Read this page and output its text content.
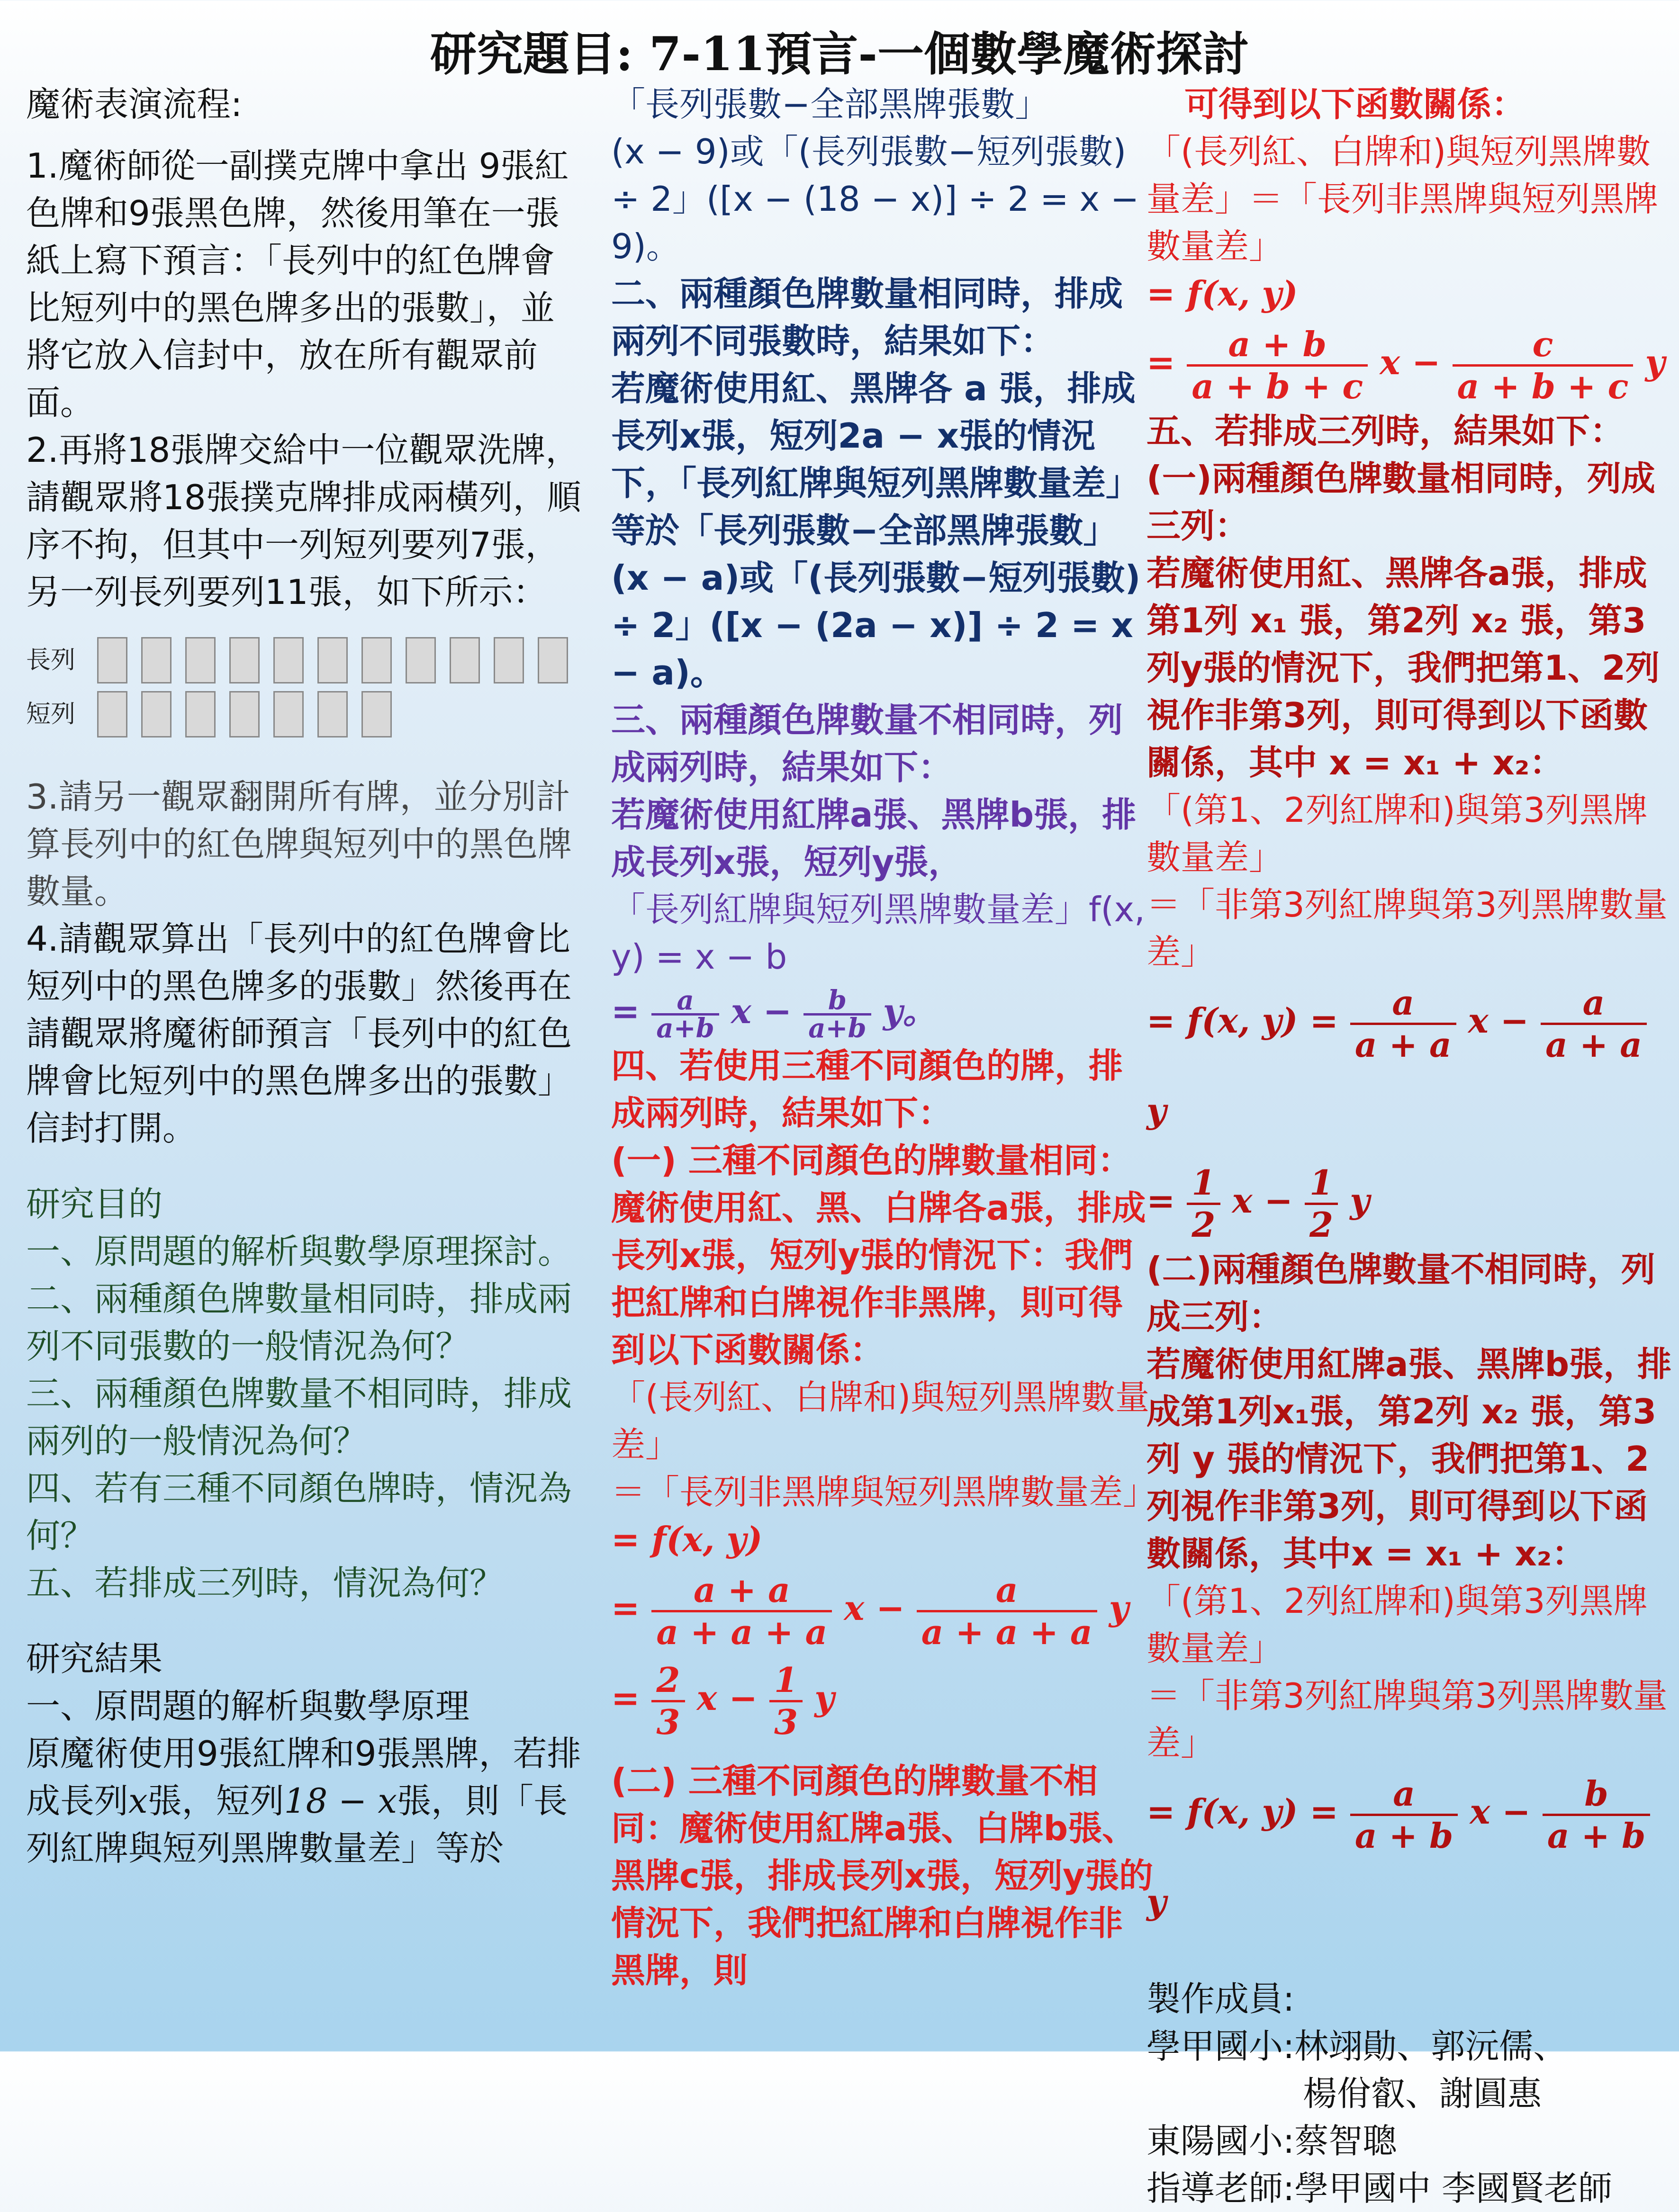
研究題目: 7-11預言-一個數學魔術探討

魔術表演流程:

1.魔術師從一副撲克牌中拿出 9張紅色牌和9張黑色牌，然後用筆在一張紙上寫下預言：「長列中的紅色牌會比短列中的黑色牌多出的張數」，並將它放入信封中，放在所有觀眾前面。

2.再將18張牌交給中一位觀眾洗牌，請觀眾將18張撲克牌排成兩橫列，順序不拘，但其中一列短列要列7張，另一列長列要列11張，如下所示：

長列
短列

3.請另一觀眾翻開所有牌，並分別計算長列中的紅色牌與短列中的黑色牌數量。

4.請觀眾算出「長列中的紅色牌會比短列中的黑色牌多的張數」然後再在請觀眾將魔術師預言「長列中的紅色牌會比短列中的黑色牌多出的張數」信封打開。

研究目的

一、原問題的解析與數學原理探討。

二、兩種顏色牌數量相同時，排成兩列不同張數的一般情況為何？

三、兩種顏色牌數量不相同時，排成兩列的一般情況為何？

四、若有三種不同顏色牌時，情況為何？

五、若排成三列時，情況為何？

研究結果

一、原問題的解析與數學原理

原魔術使用9張紅牌和9張黑牌，若排成長列x張，短列18 − x張，則「長列紅牌與短列黑牌數量差」等於

「長列張數−全部黑牌張數」

(x − 9)或「(長列張數−短列張數) ÷ 2」([x − (18 − x)] ÷ 2 = x − 9)。

二、兩種顏色牌數量相同時，排成兩列不同張數時，結果如下：

若魔術使用紅、黑牌各 a 張，排成長列x張，短列2a − x張的情況下，「長列紅牌與短列黑牌數量差」等於「長列張數−全部黑牌張數」

(x − a)或「(長列張數−短列張數) ÷ 2」([x − (2a − x)] ÷ 2 = x − a)。

三、兩種顏色牌數量不相同時，列成兩列時，結果如下：

若魔術使用紅牌a張、黑牌b張，排成長列x張，短列y張，

「長列紅牌與短列黑牌數量差」f(x, y) = x − b

= $\frac{a}{a+b}$ $x - \frac{b}{a+b}$ y。

四、若使用三種不同顏色的牌，排成兩列時，結果如下：

(一) 三種不同顏色的牌數量相同：魔術使用紅、黑、白牌各a張，排成長列x張，短列y張的情況下：我們把紅牌和白牌視作非黑牌，則可得到以下函數關係：

「(長列紅、白牌和)與短列黑牌數量差」

＝「長列非黑牌與短列黑牌數量差」

= f(x, y)

= $\frac{a + a}{a + a + a}$ $x - \frac{a}{a + a + a}$ y

= $\frac{2}{3}$ $x - \frac{1}{3}$ y

(二) 三種不同顏色的牌數量不相同：魔術使用紅牌a張、白牌b張、黑牌c張，排成長列x張，短列y張的情況下，我們把紅牌和白牌視作非黑牌，則

可得到以下函數關係：

「(長列紅、白牌和)與短列黑牌數量差」＝「長列非黑牌與短列黑牌數量差」

= f(x, y)

= $\frac{a + b}{a + b + c}$ $x - \frac{c}{a + b + c}$ y

五、若排成三列時，結果如下：

(一)兩種顏色牌數量相同時，列成三列：

若魔術使用紅、黑牌各a張，排成第1列 x₁ 張，第2列 x₂ 張，第3列y張的情況下，我們把第1、2列視作非第3列，則可得到以下函數關係，其中 x = x₁ + x₂：

「(第1、2列紅牌和)與第3列黑牌數量差」

＝「非第3列紅牌與第3列黑牌數量差」

= f(x, $y) = \frac{a}{a + a}$ $x - \frac{a}{a + a}$
y

= $\frac{1}{2}$ $x - \frac{1}{2}$ y

(二)兩種顏色牌數量不相同時，列成三列：

若魔術使用紅牌a張、黑牌b張，排成第1列x₁張，第2列 x₂ 張，第3列 y 張的情況下，我們把第1、2列視作非第3列，則可得到以下函數關係，其中x = x₁ + x₂：

「(第1、2列紅牌和)與第3列黑牌數量差」

＝「非第3列紅牌與第3列黑牌數量差」

= f(x, $y) = \frac{a}{a + b}$ $x - \frac{b}{a + b}$
y

製作成員:

學甲國小:林翊勛、郭沅儒、

楊佾叡、謝圓惠

東陽國小:蔡智聰

指導老師:學甲國中 李國賢老師
